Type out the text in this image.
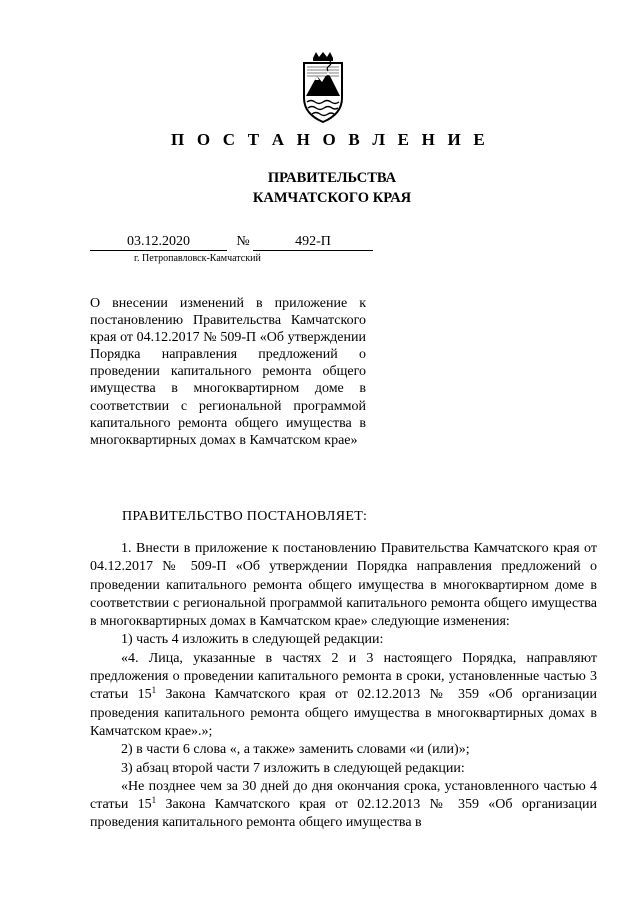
П О С Т А Н О В Л Е Н И Е
ПРАВИТЕЛЬСТВА
КАМЧАТСКОГО КРАЯ
03.12.2020	№	492-П
г. Петропавловск-Камчатский

О внесении изменений в приложение к постановлению Правительства Камчатского края от 04.12.2017 № 509-П «Об утверждении Порядка направления предложений о проведении капитального ремонта общего имущества в многоквартирном доме в соответствии с региональной программой капитального ремонта общего имущества в многоквартирных домах в Камчатском крае»

ПРАВИТЕЛЬСТВО ПОСТАНОВЛЯЕТ:

1. Внести в приложение к постановлению Правительства Камчатского края от 04.12.2017 № 509-П «Об утверждении Порядка направления предложений о проведении капитального ремонта общего имущества в многоквартирном доме в соответствии с региональной программой капитального ремонта общего имущества в многоквартирных домах в Камчатском крае» следующие изменения:

1) часть 4 изложить в следующей редакции:

«4. Лица, указанные в частях 2 и 3 настоящего Порядка, направляют предложения о проведении капитального ремонта в сроки, установленные частью 3 статьи $15^1$ Закона Камчатского края от 02.12.2013 № 359 «Об организации проведения капитального ремонта общего имущества в многоквартирных домах в Камчатском крае».»;

2) в части 6 слова «, а также» заменить словами «и (или)»;

3) абзац второй части 7 изложить в следующей редакции:

«Не позднее чем за 30 дней до дня окончания срока, установленного частью 4 статьи $15^1$ Закона Камчатского края от 02.12.2013 № 359 «Об организации проведения капитального ремонта общего имущества в
